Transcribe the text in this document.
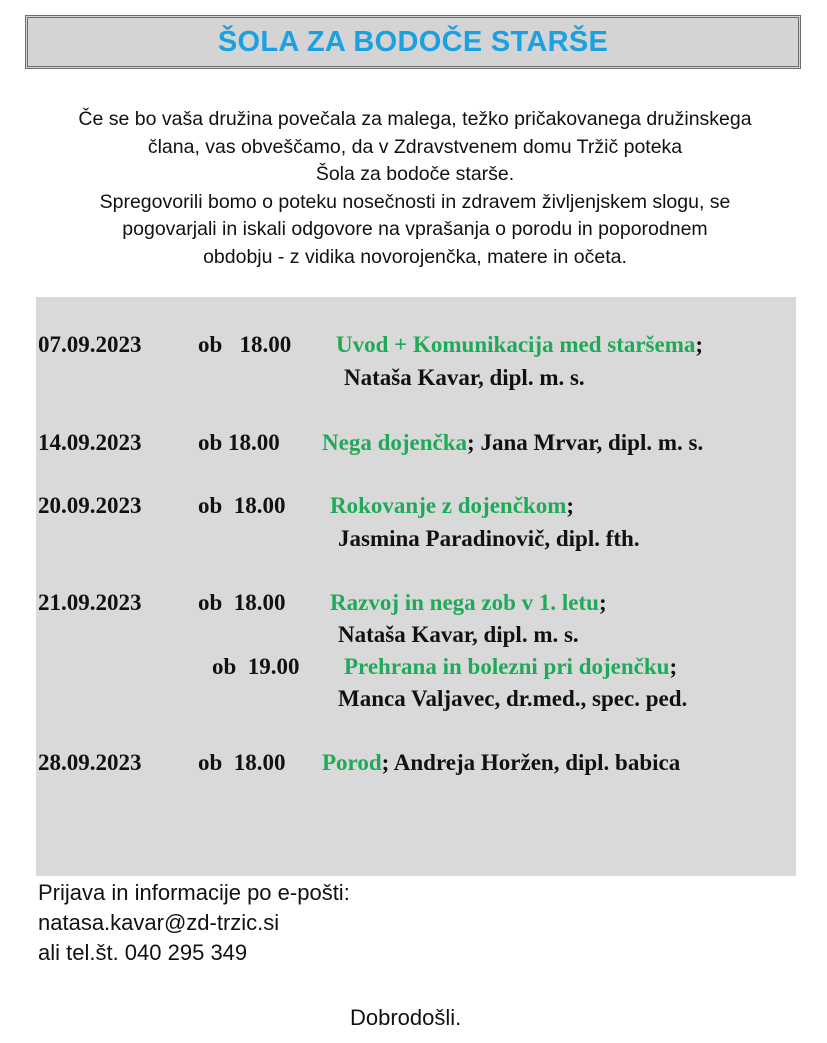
ŠOLA ZA BODOČE STARŠE
Če se bo vaša družina povečala za malega, težko pričakovanega družinskega
člana, vas obveščamo, da v Zdravstvenem domu Tržič poteka
Šola za bodoče starše.
Spregovorili bomo o poteku nosečnosti in zdravem življenjskem slogu, se
pogovarjali in iskali odgovore na vprašanja o porodu in poporodnem
obdobju - z vidika novorojenčka, matere in očeta.
07.09.2023 ob   18.00 Uvod + Komunikacija med staršema;
Nataša Kavar, dipl. m. s.
14.09.2023 ob 18.00 Nega dojenčka; Jana Mrvar, dipl. m. s.
20.09.2023 ob  18.00 Rokovanje z dojenčkom;
Jasmina Paradinovič, dipl. fth.
21.09.2023 ob  18.00 Razvoj in nega zob v 1. letu;
Nataša Kavar, dipl. m. s.
ob  19.00 Prehrana in bolezni pri dojenčku;
Manca Valjavec, dr.med., spec. ped.
28.09.2023 ob  18.00 Porod; Andreja Horžen, dipl. babica
Prijava in informacije po e-pošti:
natasa.kavar@zd-trzic.si
ali tel.št. 040 295 349
Dobrodošli.
